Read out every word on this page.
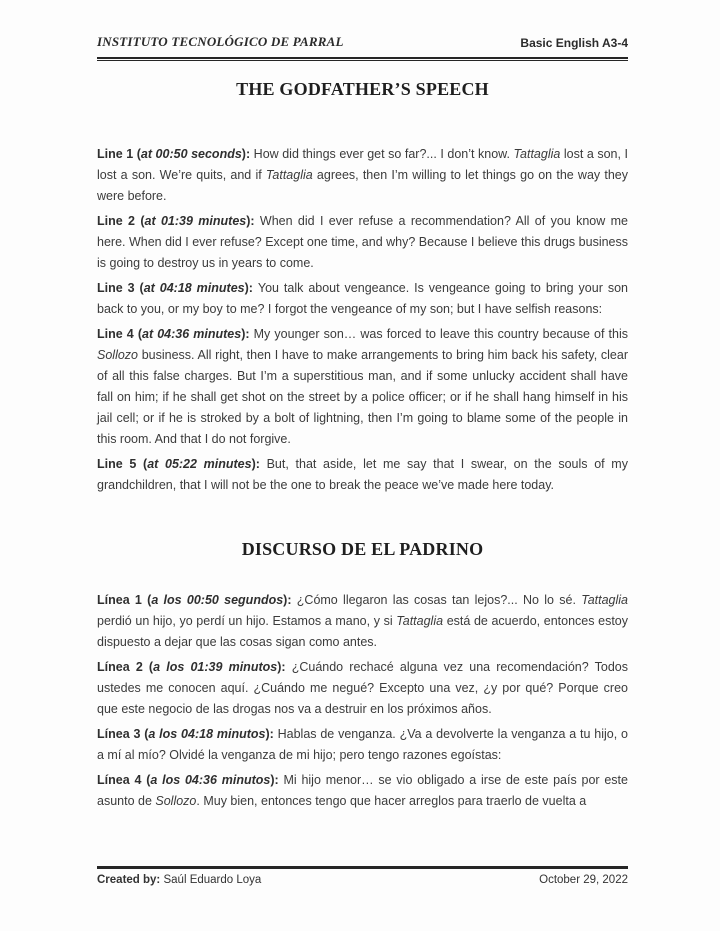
INSTITUTO TECNOLÓGICO DE PARRAL	Basic English A3-4
THE GODFATHER’S SPEECH

Line 1 (at 00:50 seconds): How did things ever get so far?... I don’t know. Tattaglia lost a son, I lost a son. We’re quits, and if Tattaglia agrees, then I’m willing to let things go on the way they were before.

Line 2 (at 01:39 minutes): When did I ever refuse a recommendation? All of you know me here. When did I ever refuse? Except one time, and why? Because I believe this drugs business is going to destroy us in years to come.

Line 3 (at 04:18 minutes): You talk about vengeance. Is vengeance going to bring your son back to you, or my boy to me? I forgot the vengeance of my son; but I have selfish reasons:

Line 4 (at 04:36 minutes): My younger son… was forced to leave this country because of this Sollozo business. All right, then I have to make arrangements to bring him back his safety, clear of all this false charges. But I’m a superstitious man, and if some unlucky accident shall have fall on him; if he shall get shot on the street by a police officer; or if he shall hang himself in his jail cell; or if he is stroked by a bolt of lightning, then I’m going to blame some of the people in this room. And that I do not forgive.

Line 5 (at 05:22 minutes): But, that aside, let me say that I swear, on the souls of my grandchildren, that I will not be the one to break the peace we’ve made here today.

DISCURSO DE EL PADRINO

Línea 1 (a los 00:50 segundos): ¿Cómo llegaron las cosas tan lejos?... No lo sé. Tattaglia perdió un hijo, yo perdí un hijo. Estamos a mano, y si Tattaglia está de acuerdo, entonces estoy dispuesto a dejar que las cosas sigan como antes.

Línea 2 (a los 01:39 minutos): ¿Cuándo rechacé alguna vez una recomendación? Todos ustedes me conocen aquí. ¿Cuándo me negué? Excepto una vez, ¿y por qué? Porque creo que este negocio de las drogas nos va a destruir en los próximos años.

Línea 3 (a los 04:18 minutos): Hablas de venganza. ¿Va a devolverte la venganza a tu hijo, o a mí al mío? Olvidé la venganza de mi hijo; pero tengo razones egoístas:

Línea 4 (a los 04:36 minutos): Mi hijo menor… se vio obligado a irse de este país por este asunto de Sollozo. Muy bien, entonces tengo que hacer arreglos para traerlo de vuelta a

Created by: Saúl Eduardo Loya	October 29, 2022
